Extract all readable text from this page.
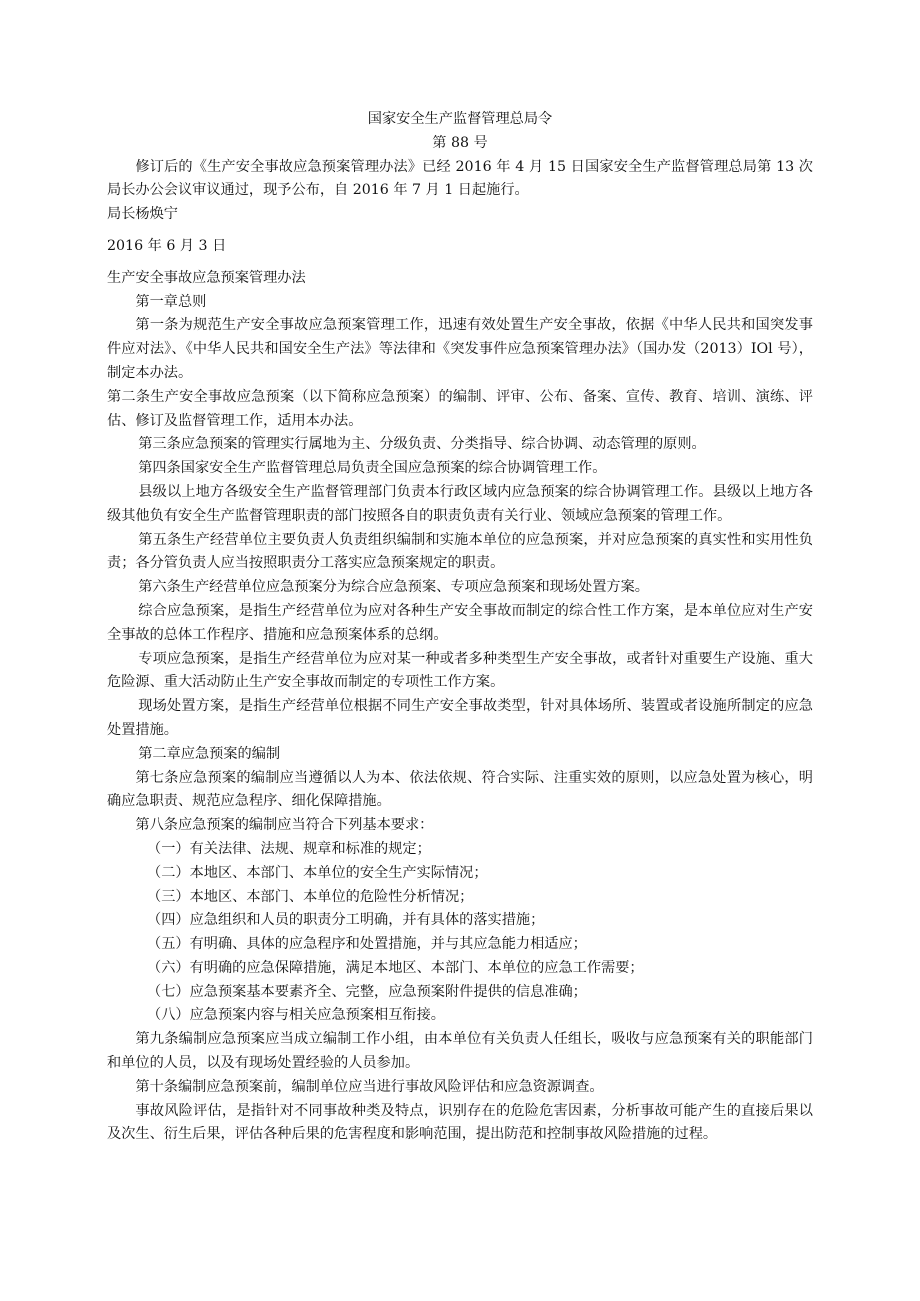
国家安全生产监督管理总局令

第 88 号

修订后的《生产安全事故应急预案管理办法》已经 2016 年 4 月 15 日国家安全生产监督管理总局第 13 次局长办公会议审议通过，现予公布，自 2016 年 7 月 1 日起施行。

局长杨焕宁

2016 年 6 月 3 日

生产安全事故应急预案管理办法

第一章总则

第一条为规范生产安全事故应急预案管理工作，迅速有效处置生产安全事故，依据《中华人民共和国突发事件应对法》、《中华人民共和国安全生产法》等法律和《突发事件应急预案管理办法》（国办发（2013）IOl 号），制定本办法。

第二条生产安全事故应急预案（以下简称应急预案）的编制、评审、公布、备案、宣传、教育、培训、演练、评估、修订及监督管理工作，适用本办法。

第三条应急预案的管理实行属地为主、分级负责、分类指导、综合协调、动态管理的原则。

第四条国家安全生产监督管理总局负责全国应急预案的综合协调管理工作。

县级以上地方各级安全生产监督管理部门负责本行政区域内应急预案的综合协调管理工作。县级以上地方各级其他负有安全生产监督管理职责的部门按照各自的职责负责有关行业、领域应急预案的管理工作。

第五条生产经营单位主要负责人负责组织编制和实施本单位的应急预案，并对应急预案的真实性和实用性负责；各分管负责人应当按照职责分工落实应急预案规定的职责。

第六条生产经营单位应急预案分为综合应急预案、专项应急预案和现场处置方案。

综合应急预案，是指生产经营单位为应对各种生产安全事故而制定的综合性工作方案，是本单位应对生产安全事故的总体工作程序、措施和应急预案体系的总纲。

专项应急预案，是指生产经营单位为应对某一种或者多种类型生产安全事故，或者针对重要生产设施、重大危险源、重大活动防止生产安全事故而制定的专项性工作方案。

现场处置方案，是指生产经营单位根据不同生产安全事故类型，针对具体场所、装置或者设施所制定的应急处置措施。

第二章应急预案的编制

第七条应急预案的编制应当遵循以人为本、依法依规、符合实际、注重实效的原则，以应急处置为核心，明确应急职责、规范应急程序、细化保障措施。

第八条应急预案的编制应当符合下列基本要求：

（一）有关法律、法规、规章和标准的规定；

（二）本地区、本部门、本单位的安全生产实际情况；

（三）本地区、本部门、本单位的危险性分析情况；

（四）应急组织和人员的职责分工明确，并有具体的落实措施；

（五）有明确、具体的应急程序和处置措施，并与其应急能力相适应；

（六）有明确的应急保障措施，满足本地区、本部门、本单位的应急工作需要；

（七）应急预案基本要素齐全、完整，应急预案附件提供的信息准确；

（八）应急预案内容与相关应急预案相互衔接。

第九条编制应急预案应当成立编制工作小组，由本单位有关负责人任组长，吸收与应急预案有关的职能部门和单位的人员，以及有现场处置经验的人员参加。

第十条编制应急预案前，编制单位应当进行事故风险评估和应急资源调查。

事故风险评估，是指针对不同事故种类及特点，识别存在的危险危害因素，分析事故可能产生的直接后果以及次生、衍生后果，评估各种后果的危害程度和影响范围，提出防范和控制事故风险措施的过程。
